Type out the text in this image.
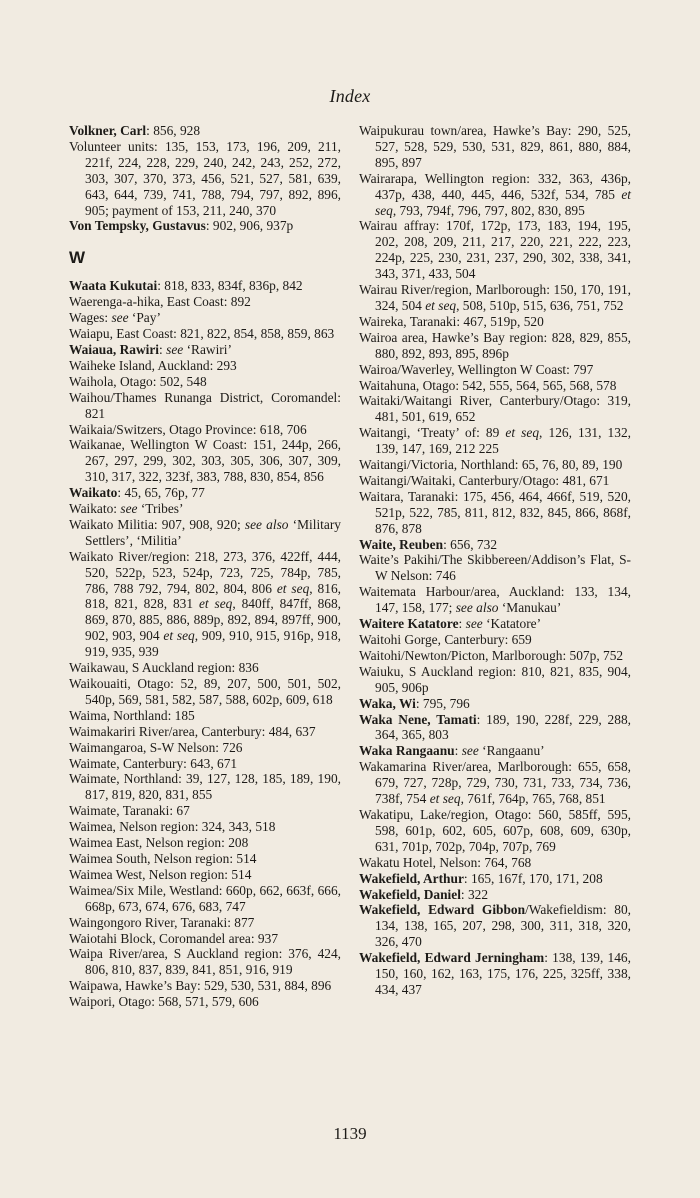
Index

Volkner, Carl: 856, 928

Volunteer units: 135, 153, 173, 196, 209, 211, 221f, 224, 228, 229, 240, 242, 243, 252, 272, 303, 307, 370, 373, 456, 521, 527, 581, 639, 643, 644, 739, 741, 788, 794, 797, 892, 896, 905; payment of 153, 211, 240, 370

Von Tempsky, Gustavus: 902, 906, 937p

W

Waata Kukutai: 818, 833, 834f, 836p, 842

Waerenga-a-hika, East Coast: 892

Wages: see ‘Pay’

Waiapu, East Coast: 821, 822, 854, 858, 859, 863

Waiaua, Rawiri: see ‘Rawiri’

Waiheke Island, Auckland: 293

Waihola, Otago: 502, 548

Waihou/Thames Runanga District, Coromandel: 821

Waikaia/Switzers, Otago Province: 618, 706

Waikanae, Wellington W Coast: 151, 244p, 266, 267, 297, 299, 302, 303, 305, 306, 307, 309, 310, 317, 322, 323f, 383, 788, 830, 854, 856

Waikato: 45, 65, 76p, 77

Waikato: see ‘Tribes’

Waikato Militia: 907, 908, 920; see also ‘Military Settlers’, ‘Militia’

Waikato River/region: 218, 273, 376, 422ff, 444, 520, 522p, 523, 524p, 723, 725, 784p, 785, 786, 788 792, 794, 802, 804, 806 et seq, 816, 818, 821, 828, 831 et seq, 840ff, 847ff, 868, 869, 870, 885, 886, 889p, 892, 894, 897ff, 900, 902, 903, 904 et seq, 909, 910, 915, 916p, 918, 919, 935, 939

Waikawau, S Auckland region: 836

Waikouaiti, Otago: 52, 89, 207, 500, 501, 502, 540p, 569, 581, 582, 587, 588, 602p, 609, 618

Waima, Northland: 185

Waimakariri River/area, Canterbury: 484, 637

Waimangaroa, S-W Nelson: 726

Waimate, Canterbury: 643, 671

Waimate, Northland: 39, 127, 128, 185, 189, 190, 817, 819, 820, 831, 855

Waimate, Taranaki: 67

Waimea, Nelson region: 324, 343, 518

Waimea East, Nelson region: 208

Waimea South, Nelson region: 514

Waimea West, Nelson region: 514

Waimea/Six Mile, Westland: 660p, 662, 663f, 666, 668p, 673, 674, 676, 683, 747

Waingongoro River, Taranaki: 877

Waiotahi Block, Coromandel area: 937

Waipa River/area, S Auckland region: 376, 424, 806, 810, 837, 839, 841, 851, 916, 919

Waipawa, Hawke’s Bay: 529, 530, 531, 884, 896

Waipori, Otago: 568, 571, 579, 606

Waipukurau town/area, Hawke’s Bay: 290, 525, 527, 528, 529, 530, 531, 829, 861, 880, 884, 895, 897

Wairarapa, Wellington region: 332, 363, 436p, 437p, 438, 440, 445, 446, 532f, 534, 785 et seq, 793, 794f, 796, 797, 802, 830, 895

Wairau affray: 170f, 172p, 173, 183, 194, 195, 202, 208, 209, 211, 217, 220, 221, 222, 223, 224p, 225, 230, 231, 237, 290, 302, 338, 341, 343, 371, 433, 504

Wairau River/region, Marlborough: 150, 170, 191, 324, 504 et seq, 508, 510p, 515, 636, 751, 752

Waireka, Taranaki: 467, 519p, 520

Wairoa area, Hawke’s Bay region: 828, 829, 855, 880, 892, 893, 895, 896p

Wairoa/Waverley, Wellington W Coast: 797

Waitahuna, Otago: 542, 555, 564, 565, 568, 578

Waitaki/Waitangi River, Canterbury/Otago: 319, 481, 501, 619, 652

Waitangi, ‘Treaty’ of: 89 et seq, 126, 131, 132, 139, 147, 169, 212 225

Waitangi/Victoria, Northland: 65, 76, 80, 89, 190

Waitangi/Waitaki, Canterbury/Otago: 481, 671

Waitara, Taranaki: 175, 456, 464, 466f, 519, 520, 521p, 522, 785, 811, 812, 832, 845, 866, 868f, 876, 878

Waite, Reuben: 656, 732

Waite’s Pakihi/The Skibbereen/Addison’s Flat, S-W Nelson: 746

Waitemata Harbour/area, Auckland: 133, 134, 147, 158, 177; see also ‘Manukau’

Waitere Katatore: see ‘Katatore’

Waitohi Gorge, Canterbury: 659

Waitohi/Newton/Picton, Marlborough: 507p, 752

Waiuku, S Auckland region: 810, 821, 835, 904, 905, 906p

Waka, Wi: 795, 796

Waka Nene, Tamati: 189, 190, 228f, 229, 288, 364, 365, 803

Waka Rangaanu: see ‘Rangaanu’

Wakamarina River/area, Marlborough: 655, 658, 679, 727, 728p, 729, 730, 731, 733, 734, 736, 738f, 754 et seq, 761f, 764p, 765, 768, 851

Wakatipu, Lake/region, Otago: 560, 585ff, 595, 598, 601p, 602, 605, 607p, 608, 609, 630p, 631, 701p, 702p, 704p, 707p, 769

Wakatu Hotel, Nelson: 764, 768

Wakefield, Arthur: 165, 167f, 170, 171, 208

Wakefield, Daniel: 322

Wakefield, Edward Gibbon/Wakefieldism: 80, 134, 138, 165, 207, 298, 300, 311, 318, 320, 326, 470

Wakefield, Edward Jerningham: 138, 139, 146, 150, 160, 162, 163, 175, 176, 225, 325ff, 338, 434, 437

1139
